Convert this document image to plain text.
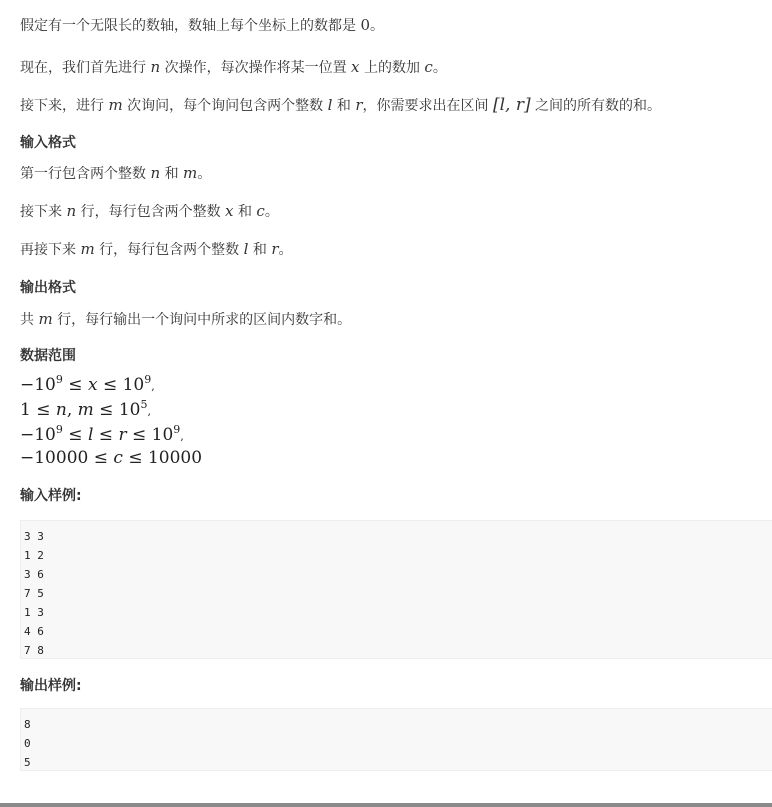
假定有一个无限长的数轴，数轴上每个坐标上的数都是 0。
现在，我们首先进行 n 次操作，每次操作将某一位置 x 上的数加 c。
接下来，进行 m 次询问，每个询问包含两个整数 l 和 r，你需要求出在区间 [l, r] 之间的所有数的和。
输入格式
第一行包含两个整数 n 和 m。
接下来 n 行，每行包含两个整数 x 和 c。
再接下来 m 行，每行包含两个整数 l 和 r。
输出格式
共 m 行，每行输出一个询问中所求的区间内数字和。
数据范围
$-10^9 \le x \le 10^9$,
1 ≤ n, $m \le 10^5$,
$-10^9 \le l \le r \le 10^9$,
−10000 ≤ c ≤ 10000
输入样例:
3 3
1 2
3 6
7 5
1 3
4 6
7 8
输出样例:
8
0
5
